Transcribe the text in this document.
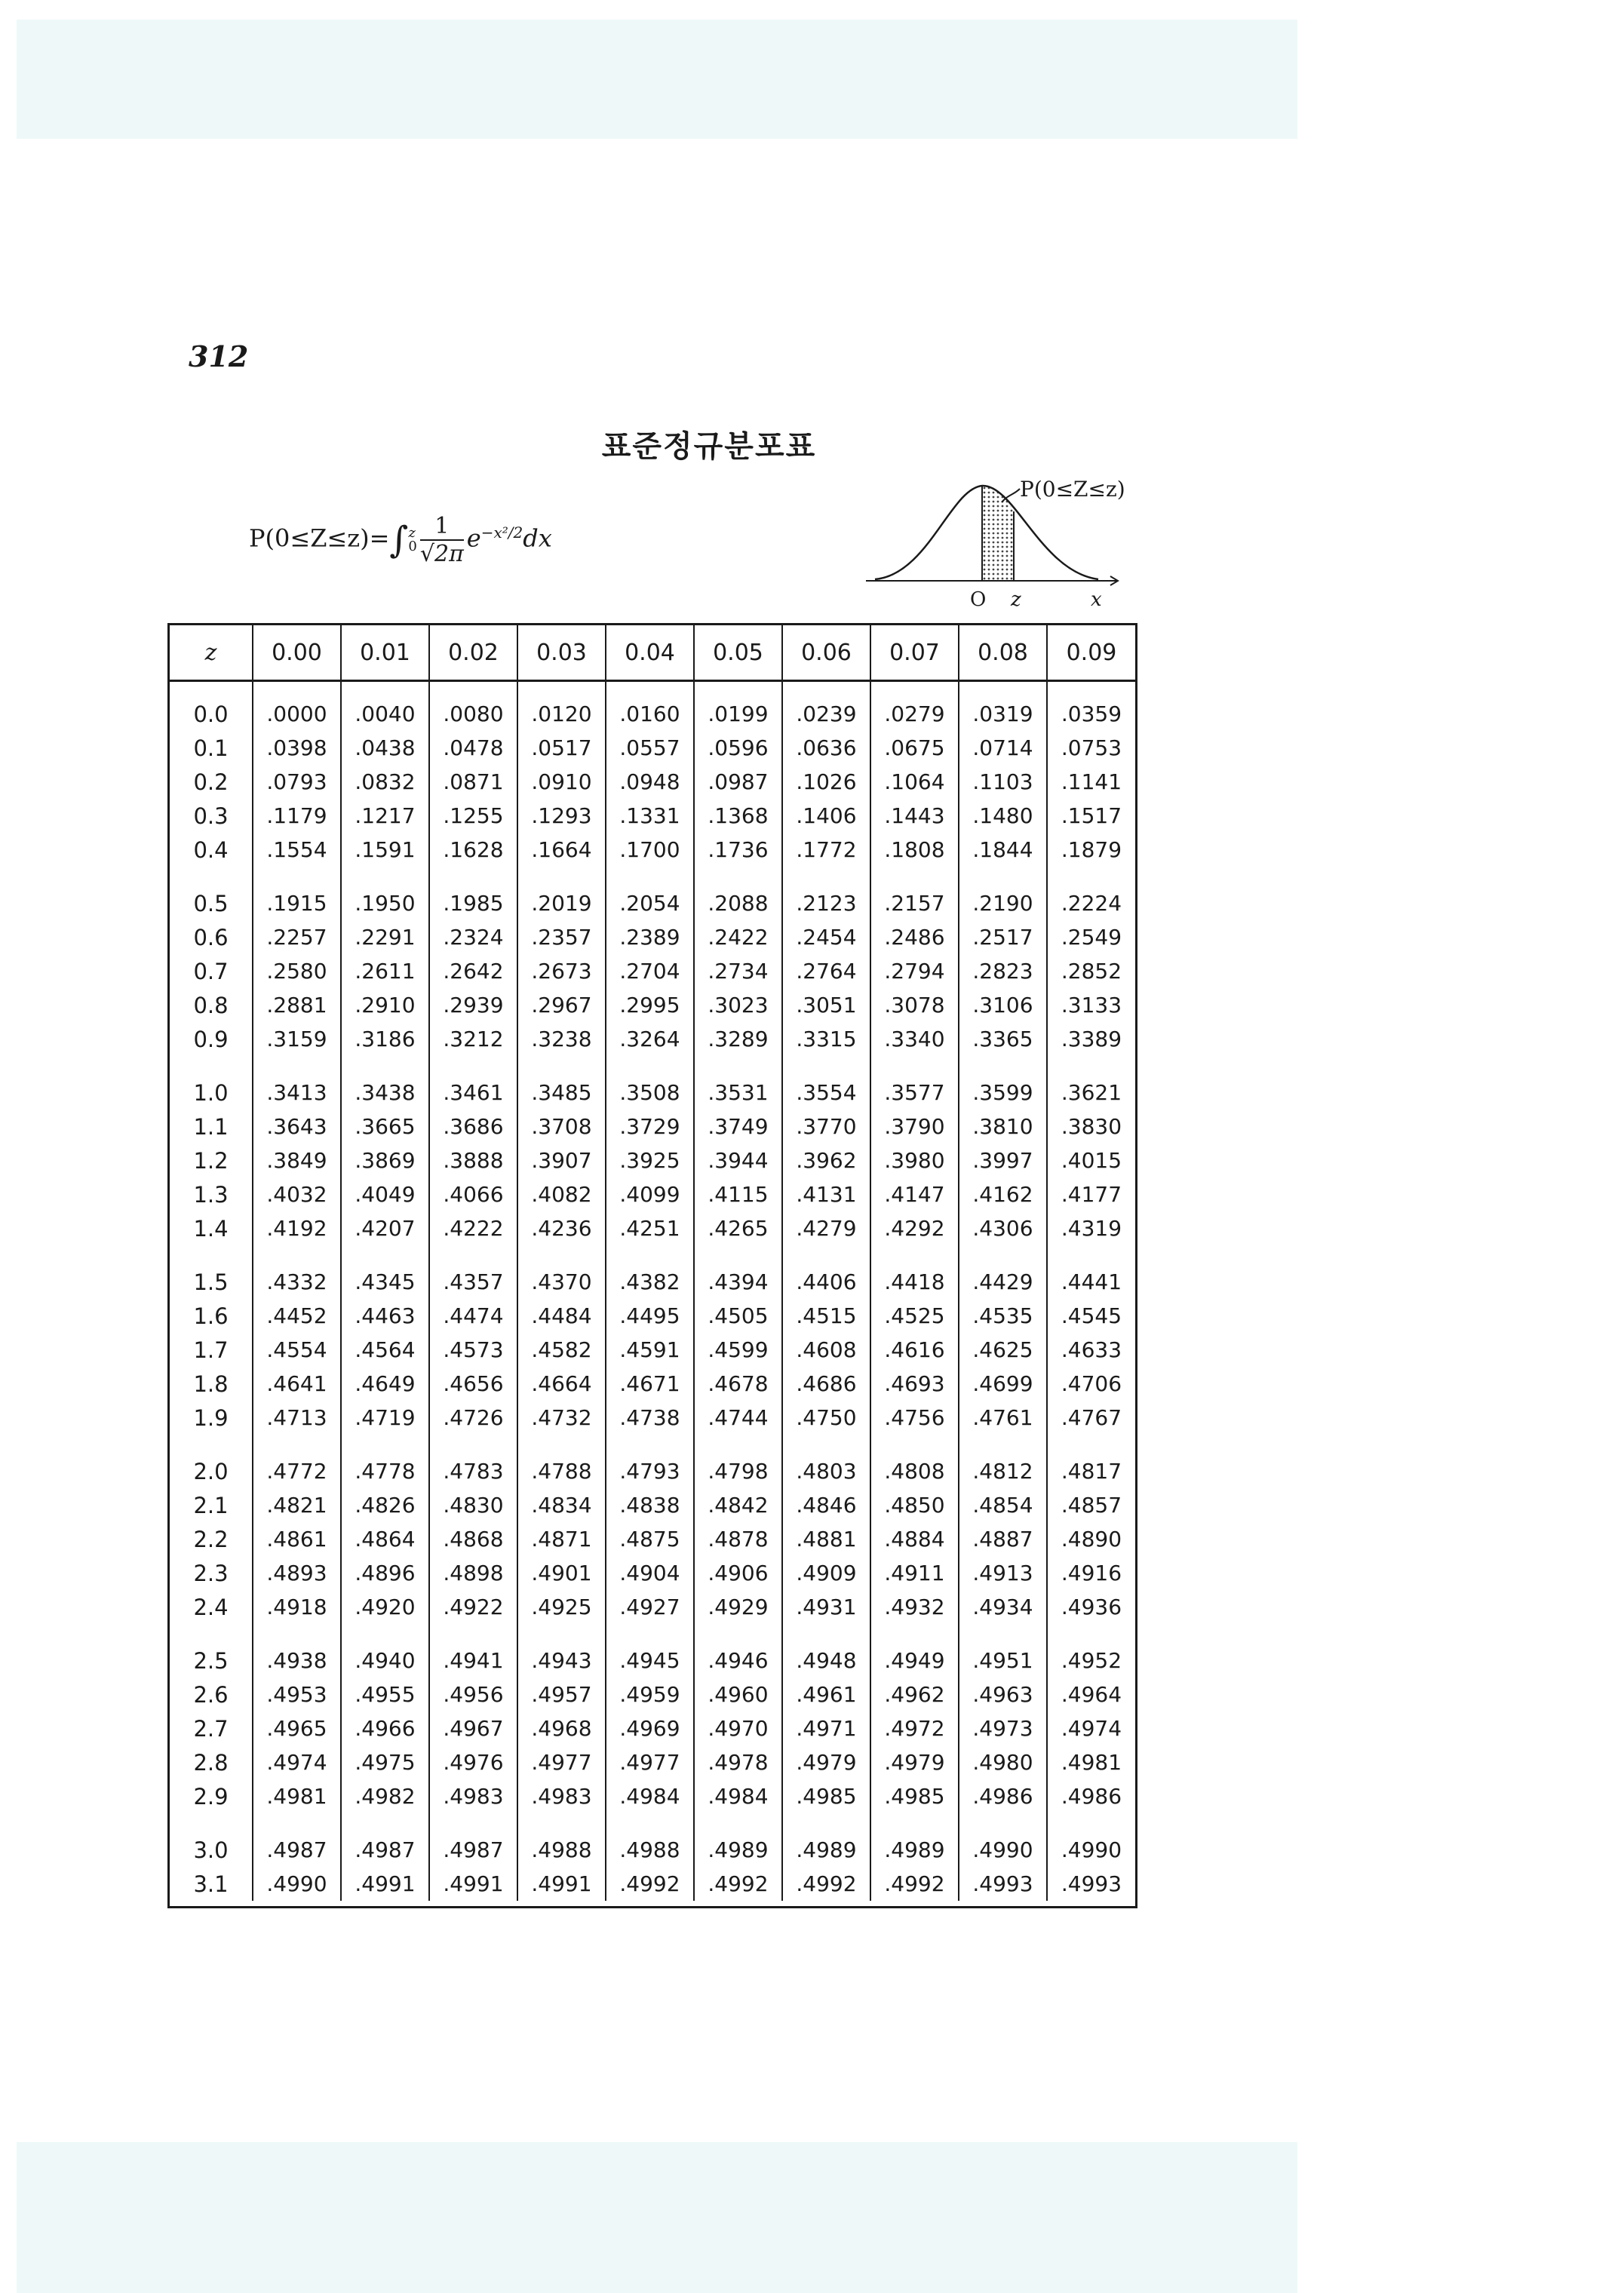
312
표준정규분포표
P(0≤Z≤z)=∫ z
$0 \frac{1}{√2\pi} e^{-x^2/2}dx$
P(0≤Z≤z)
O z	x
z	0.00	0.01	0.02	0.03	0.04	0.05	0.06	0.07	0.08	0.09
0.0	.0000	.0040	.0080	.0120	.0160	.0199	.0239	.0279	.0319	.0359
0.1	.0398	.0438	.0478	.0517	.0557	.0596	.0636	.0675	.0714	.0753
0.2	.0793	.0832	.0871	.0910	.0948	.0987	.1026	.1064	.1103	.1141
0.3	.1179	.1217	.1255	.1293	.1331	.1368	.1406	.1443	.1480	.1517
0.4	.1554	.1591	.1628	.1664	.1700	.1736	.1772	.1808	.1844	.1879

0.5	.1915	.1950	.1985	.2019	.2054	.2088	.2123	.2157	.2190	.2224
0.6	.2257	.2291	.2324	.2357	.2389	.2422	.2454	.2486	.2517	.2549
0.7	.2580	.2611	.2642	.2673	.2704	.2734	.2764	.2794	.2823	.2852
0.8	.2881	.2910	.2939	.2967	.2995	.3023	.3051	.3078	.3106	.3133
0.9	.3159	.3186	.3212	.3238	.3264	.3289	.3315	.3340	.3365	.3389

1.0	.3413	.3438	.3461	.3485	.3508	.3531	.3554	.3577	.3599	.3621
1.1	.3643	.3665	.3686	.3708	.3729	.3749	.3770	.3790	.3810	.3830
1.2	.3849	.3869	.3888	.3907	.3925	.3944	.3962	.3980	.3997	.4015
1.3	.4032	.4049	.4066	.4082	.4099	.4115	.4131	.4147	.4162	.4177
1.4	.4192	.4207	.4222	.4236	.4251	.4265	.4279	.4292	.4306	.4319

1.5	.4332	.4345	.4357	.4370	.4382	.4394	.4406	.4418	.4429	.4441
1.6	.4452	.4463	.4474	.4484	.4495	.4505	.4515	.4525	.4535	.4545
1.7	.4554	.4564	.4573	.4582	.4591	.4599	.4608	.4616	.4625	.4633
1.8	.4641	.4649	.4656	.4664	.4671	.4678	.4686	.4693	.4699	.4706
1.9	.4713	.4719	.4726	.4732	.4738	.4744	.4750	.4756	.4761	.4767

2.0	.4772	.4778	.4783	.4788	.4793	.4798	.4803	.4808	.4812	.4817
2.1	.4821	.4826	.4830	.4834	.4838	.4842	.4846	.4850	.4854	.4857
2.2	.4861	.4864	.4868	.4871	.4875	.4878	.4881	.4884	.4887	.4890
2.3	.4893	.4896	.4898	.4901	.4904	.4906	.4909	.4911	.4913	.4916
2.4	.4918	.4920	.4922	.4925	.4927	.4929	.4931	.4932	.4934	.4936

2.5	.4938	.4940	.4941	.4943	.4945	.4946	.4948	.4949	.4951	.4952
2.6	.4953	.4955	.4956	.4957	.4959	.4960	.4961	.4962	.4963	.4964
2.7	.4965	.4966	.4967	.4968	.4969	.4970	.4971	.4972	.4973	.4974
2.8	.4974	.4975	.4976	.4977	.4977	.4978	.4979	.4979	.4980	.4981
2.9	.4981	.4982	.4983	.4983	.4984	.4984	.4985	.4985	.4986	.4986

3.0	.4987	.4987	.4987	.4988	.4988	.4989	.4989	.4989	.4990	.4990
3.1	.4990	.4991	.4991	.4991	.4992	.4992	.4992	.4992	.4993	.4993
